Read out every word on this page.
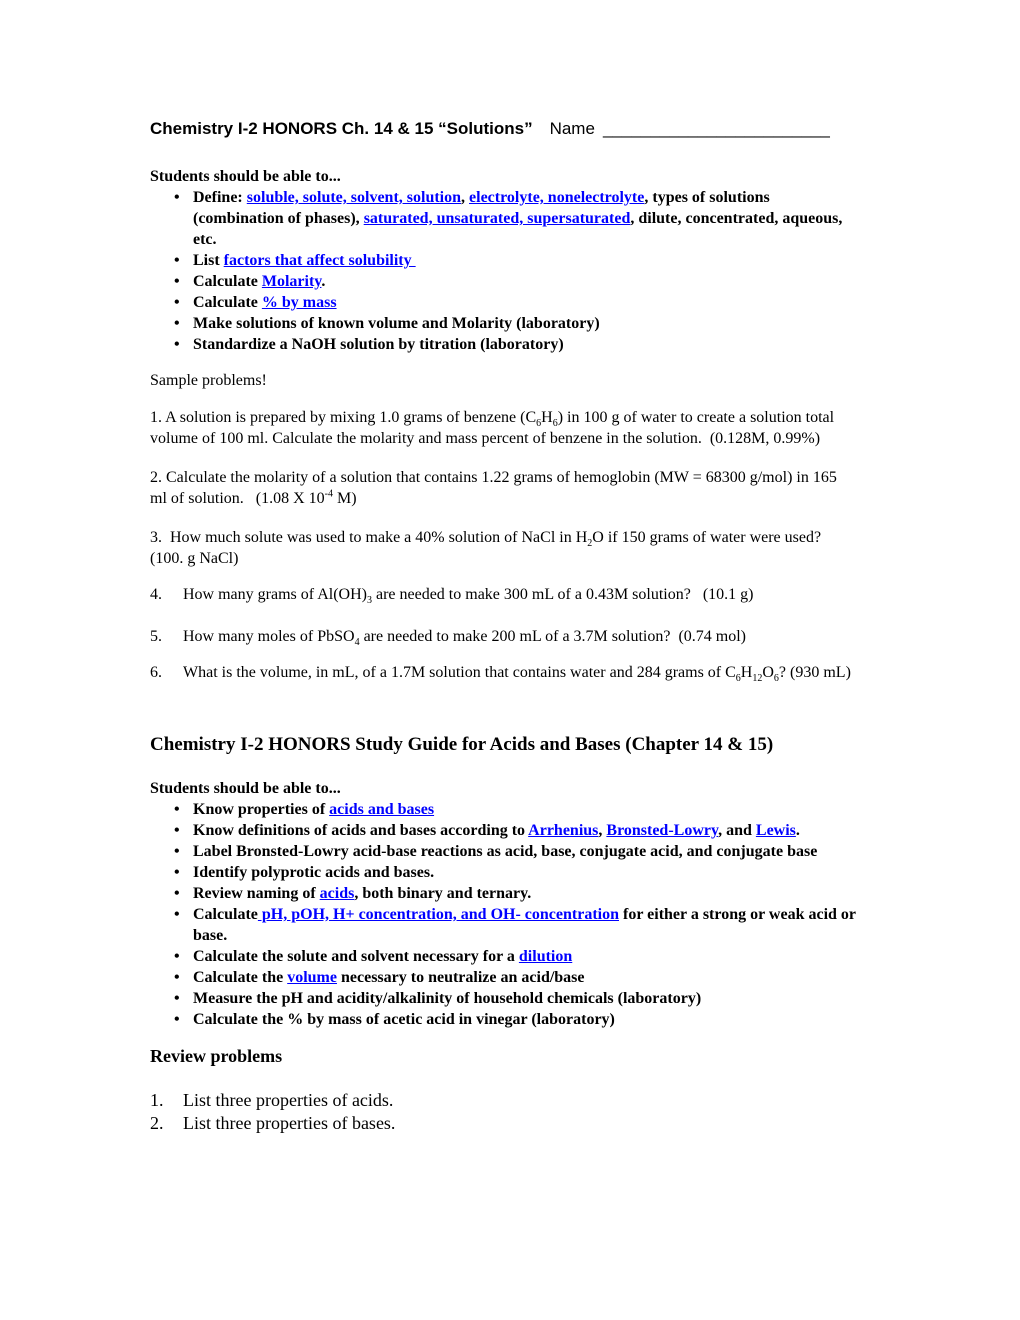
Chemistry I-2 HONORS Ch. 14 & 15 “Solutions” Name ________________________

Students should be able to...

• Define: soluble, solute, solvent, solution, electrolyte, nonelectrolyte, types of solutions (combination of phases), saturated, unsaturated, supersaturated, dilute, concentrated, aqueous, etc.
• List factors that affect solubility
• Calculate Molarity.
• Calculate % by mass
• Make solutions of known volume and Molarity (laboratory)
• Standardize a NaOH solution by titration (laboratory)

Sample problems!

1. A solution is prepared by mixing 1.0 grams of benzene $(C_6H_6)$ in 100 g of water to create a solution total volume of 100 ml. Calculate the molarity and mass percent of benzene in the solution.  (0.128M, 0.99%)

2. Calculate the molarity of a solution that contains 1.22 grams of hemoglobin (MW = 68300 g/mol) in 165 ml of solution.   (1.08 X $10^{-4}$ M)

3.  How much solute was used to make a 40% solution of NaCl in $H_2O$ if 150 grams of water were used? (100. g NaCl)

4.	How many grams of $Al(OH)_3$ are needed to make 300 mL of a 0.43M solution?   (10.1 g)
5.	How many moles of PbSO$_4$ are needed to make 200 mL of a 3.7M solution?  (0.74 mol)
6.	What is the volume, in mL, of a 1.7M solution that contains water and 284 grams of $C_6H_{12}O_6$? (930 mL)
Chemistry I-2 HONORS Study Guide for Acids and Bases (Chapter 14 & 15)

Students should be able to...

• Know properties of acids and bases
• Know definitions of acids and bases according to Arrhenius, Bronsted-Lowry, and Lewis.
• Label Bronsted-Lowry acid-base reactions as acid, base, conjugate acid, and conjugate base
• Identify polyprotic acids and bases.
• Review naming of acids, both binary and ternary.
• Calculate pH, pOH, H+ concentration, and OH- concentration for either a strong or weak acid or base.
• Calculate the solute and solvent necessary for a dilution
• Calculate the volume necessary to neutralize an acid/base
• Measure the pH and acidity/alkalinity of household chemicals (laboratory)
• Calculate the % by mass of acetic acid in vinegar (laboratory)

Review problems

1.	List three properties of acids.
2.	List three properties of bases.
